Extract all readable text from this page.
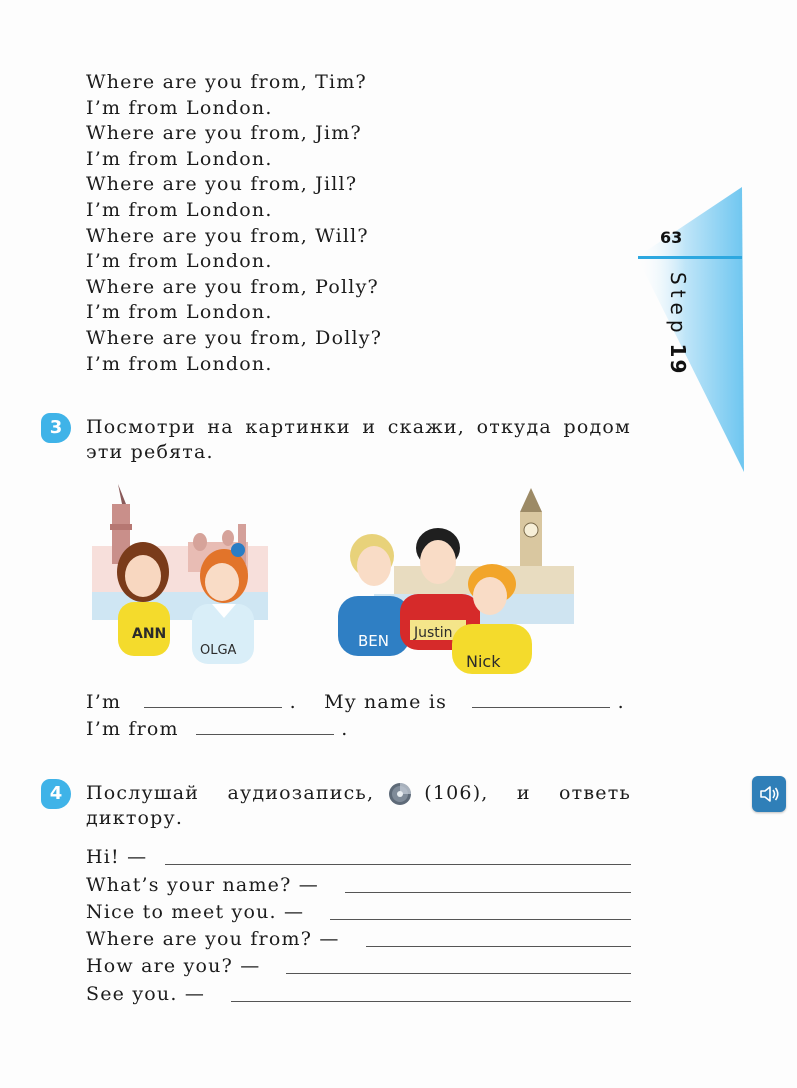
Where are you from, Tim?
I’m from London.
Where are you from, Jim?
I’m from London.
Where are you from, Jill?
I’m from London.
Where are you from, Will?
I’m from London.
Where are you from, Polly?
I’m from London.
Where are you from, Dolly?
I’m from London.
63
Step19
3	Посмотри на картинки и скажи, откуда родом
эти ребята.
ANN
OLGA
BEN Justin
Nick
I’m	. My name is	.
I’m from	.
4	Послушай аудиозапись,	(106), и ответь
диктору.
Hi! —
What’s your name? —
Nice to meet you. —
Where are you from? —
How are you? —
See you. —
